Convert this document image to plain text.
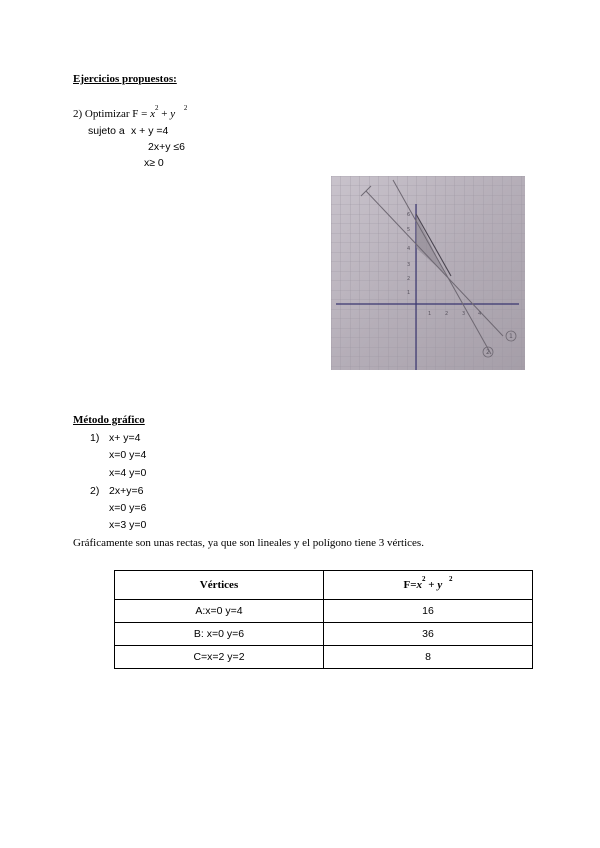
Ejercicios propuestos:
2) Optimizar $F = x^2 + y$ $^2$
sujeto a x + y =4
2x+y ≤6
x≥ 0
1	2	3	4
6
5
4
3
2
1
1
2
Método gráfico
1) x+ y=4
x=0 y=4
x=4 y=0
2) 2x+y=6
x=0 y=6
x=3 y=0
Gráficamente son unas rectas, ya que son lineales y el polígono tiene 3 vértices.
Vértices	$F=x^2 + y$ $^2$
A:x=0 y=4	16
B: x=0 y=6	36
C=x=2 y=2	8
